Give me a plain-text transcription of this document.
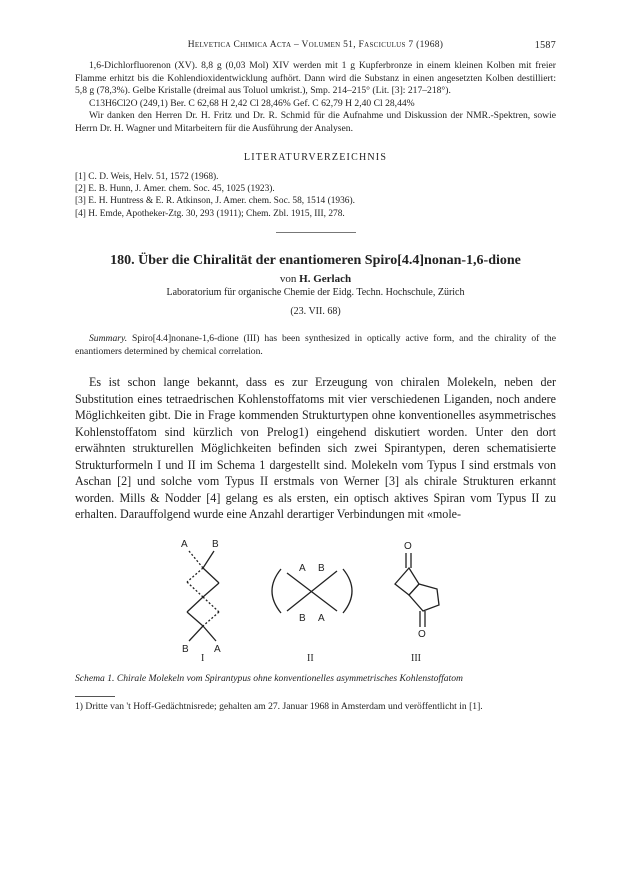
Helvetica Chimica Acta – Volumen 51, Fasciculus 7 (1968)	1587

1,6-Dichlorfluorenon (XV). 8,8 g (0,03 Mol) XIV werden mit 1 g Kupferbronze in einem kleinen Kolben mit freier Flamme erhitzt bis die Kohlendioxidentwicklung aufhört. Dann wird die Substanz in einen angesetzten Kolben destilliert: 5,8 g (78,3%). Gelbe Kristalle (dreimal aus Toluol umkrist.), Smp. 214–215° (Lit. [3]: 217–218°).

C13H6Cl2O (249,1) Ber. C 62,68 H 2,42 Cl 28,46% Gef. C 62,79 H 2,40 Cl 28,44%

Wir danken den Herren Dr. H. Fritz und Dr. R. Schmid für die Aufnahme und Diskussion der NMR.-Spektren, sowie Herrn Dr. H. Wagner und Mitarbeitern für die Ausführung der Analysen.

LITERATURVERZEICHNIS
[1] C. D. Weis, Helv. 51, 1572 (1968).
[2] E. B. Hunn, J. Amer. chem. Soc. 45, 1025 (1923).
[3] E. H. Huntress & E. R. Atkinson, J. Amer. chem. Soc. 58, 1514 (1936).
[4] H. Emde, Apotheker-Ztg. 30, 293 (1911); Chem. Zbl. 1915, III, 278.
180. Über die Chiralität der enantiomeren Spiro[4.4]nonan-1,6-dione
von H. Gerlach
Laboratorium für organische Chemie der Eidg. Techn. Hochschule, Zürich
(23. VII. 68)

Summary. Spiro[4.4]nonane-1,6-dione (III) has been synthesized in optically active form, and the chirality of the enantiomers determined by chemical correlation.

Es ist schon lange bekannt, dass es zur Erzeugung von chiralen Molekeln, neben der Substitution eines tetraedrischen Kohlenstoffatoms mit vier verschiedenen Liganden, noch andere Möglichkeiten gibt. Die in Frage kommenden Strukturtypen ohne konventionelles asymmetrisches Kohlenstoffatom sind kürzlich von Prelog1) eingehend diskutiert worden. Unter den dort erwähnten strukturellen Möglichkeiten befinden sich zwei Spirantypen, deren schematisierte Strukturformeln I und II im Schema 1 dargestellt sind. Molekeln vom Typus I sind erstmals von Aschan [2] und solche vom Typus II erstmals von Werner [3] als chirale Strukturen erkannt worden. Mills & Nodder [4] gelang es als ersten, ein optisch aktives Spiran vom Typus II zu erhalten. Darauffolgend wurde eine Anzahl derartiger Verbindungen mit «mole-

A B
B	A
A B
B A
O
O
I	II	III
Schema 1. Chirale Molekeln vom Spirantypus ohne konventionelles asymmetrisches Kohlenstoffatom
1) Dritte van 't Hoff-Gedächtnisrede; gehalten am 27. Januar 1968 in Amsterdam und veröffentlicht in [1].
